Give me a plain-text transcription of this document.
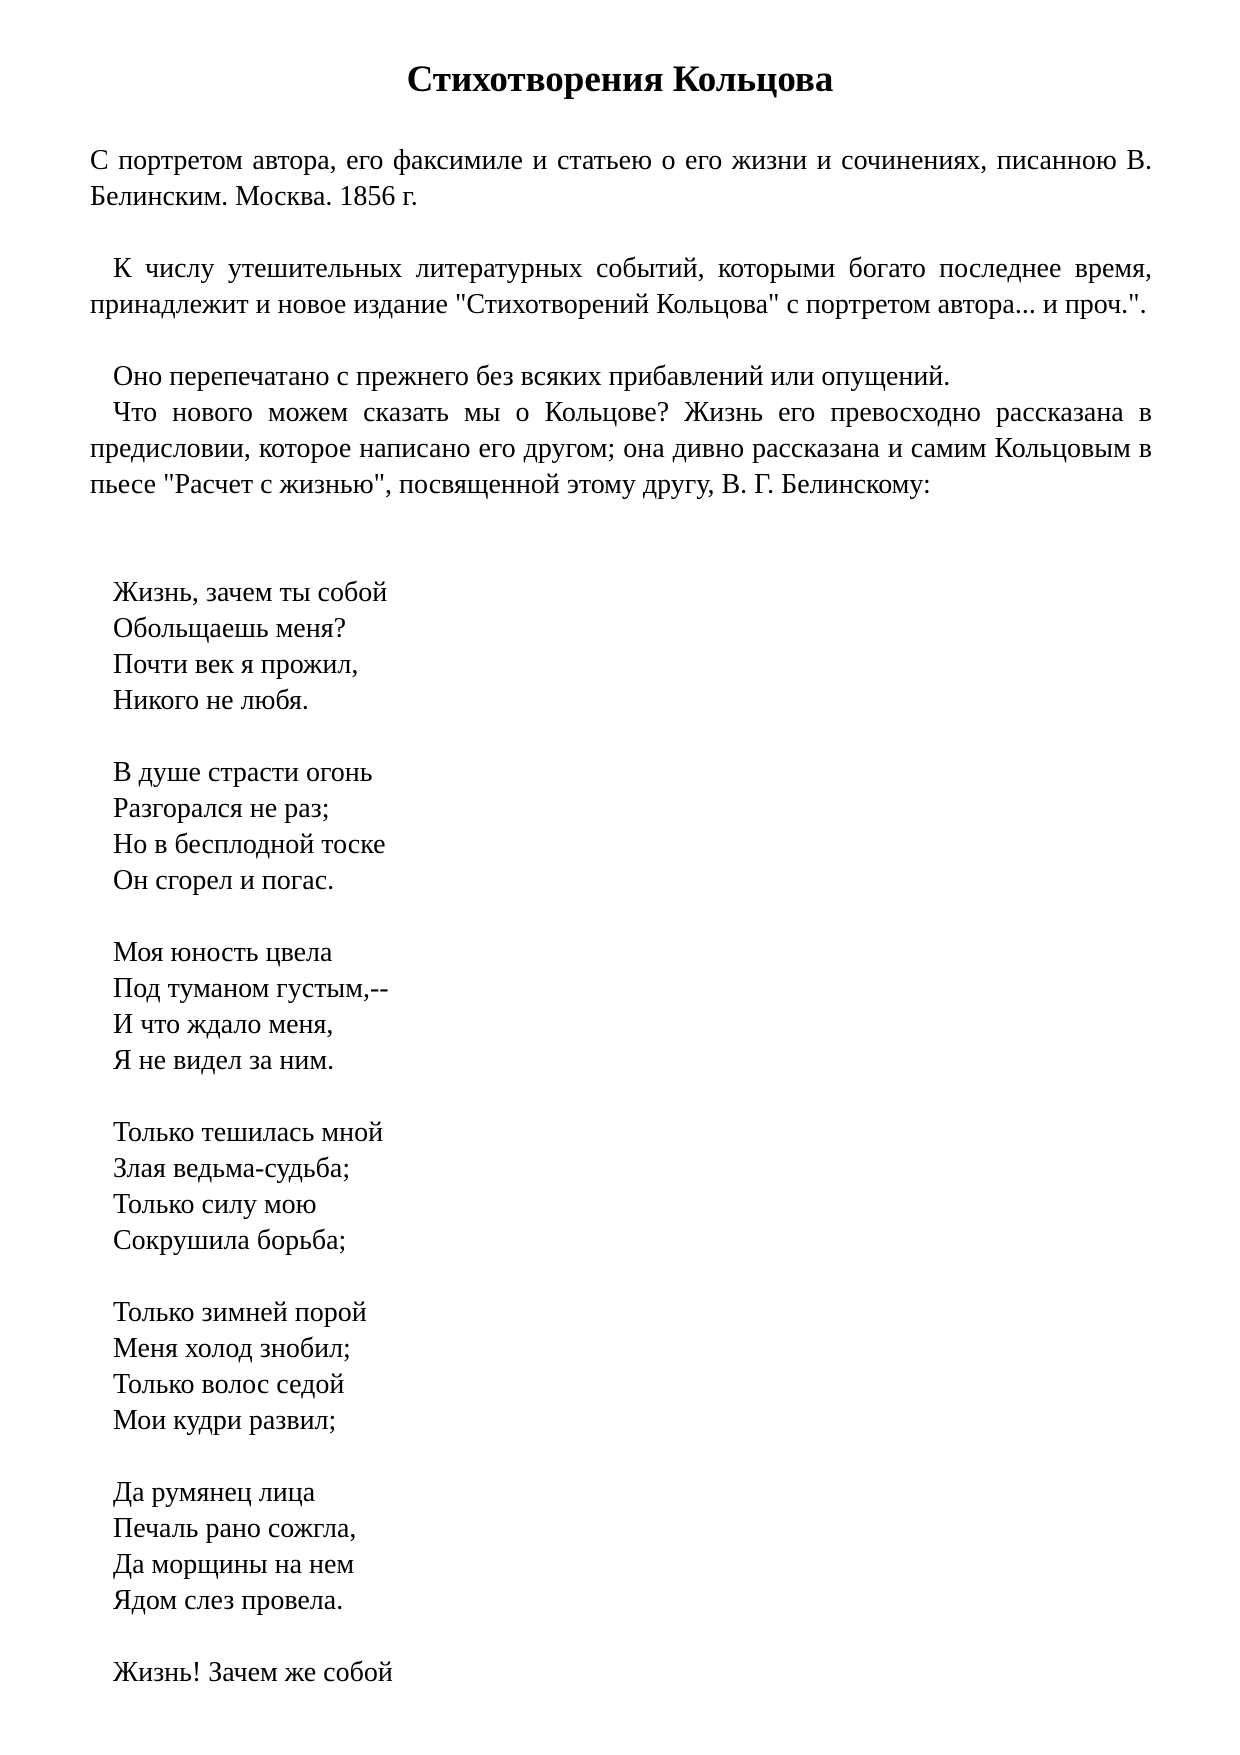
Стихотворения Кольцова

С портретом автора, его факсимиле и статьею о его жизни и сочинениях, писанною В. Белинским. Москва. 1856 г.

К числу утешительных литературных событий, которыми богато последнее время, принадлежит и новое издание "Стихотворений Кольцова" с портретом автора... и проч.".

Оно перепечатано с прежнего без всяких прибавлений или опущений.

Что нового можем сказать мы о Кольцове? Жизнь его превосходно рассказана в предисловии, которое написано его другом; она дивно рассказана и самим Кольцовым в пьесе "Расчет с жизнью", посвященной этому другу, В. Г. Белинскому:

Жизнь, зачем ты собой
Обольщаешь меня?
Почти век я прожил,
Никого не любя.
В душе страсти огонь
Разгорался не раз;
Но в бесплодной тоске
Он сгорел и погас.
Моя юность цвела
Под туманом густым,--
И что ждало меня,
Я не видел за ним.
Только тешилась мной
Злая ведьма-судьба;
Только силу мою
Сокрушила борьба;
Только зимней порой
Меня холод знобил;
Только волос седой
Мои кудри развил;
Да румянец лица
Печаль рано сожгла,
Да морщины на нем
Ядом слез провела.
Жизнь! Зачем же собой
